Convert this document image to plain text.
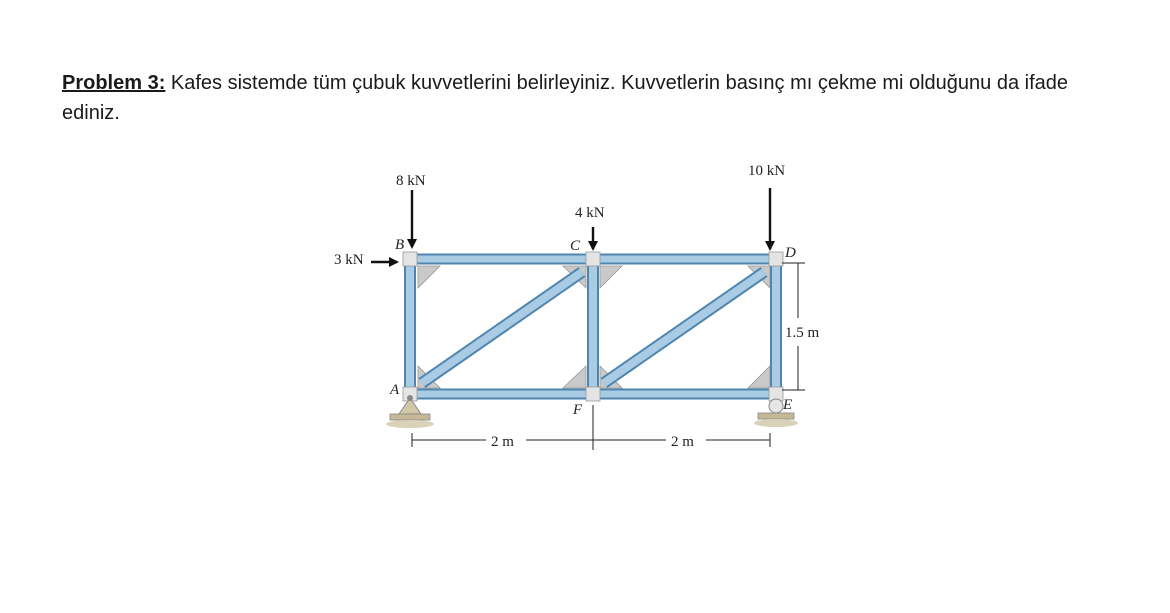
Problem 3: Kafes sistemde tüm çubuk kuvvetlerini belirleyiniz. Kuvvetlerin basınç mı çekme mi olduğunu da ifade ediniz.
8 kN
3 kN
4 kN
10 kN
B	C	D
A
F	E
2 m	2 m
1.5 m
